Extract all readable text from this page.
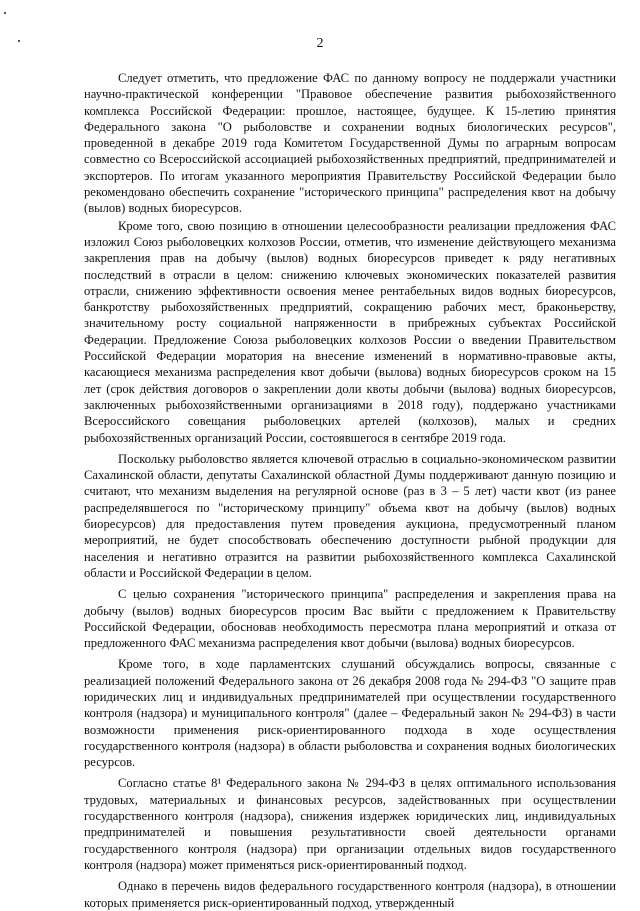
2

Следует отметить, что предложение ФАС по данному вопросу не поддержали участники научно-практической конференции "Правовое обеспечение развития рыбохозяйственного комплекса Российской Федерации: прошлое, настоящее, будущее. К 15-летию принятия Федерального закона "О рыболовстве и сохранении водных биологических ресурсов", проведенной в декабре 2019 года Комитетом Государственной Думы по аграрным вопросам совместно со Всероссийской ассоциацией рыбохозяйственных предприятий, предпринимателей и экспортеров. По итогам указанного мероприятия Правительству Российской Федерации было рекомендовано обеспечить сохранение "исторического принципа" распределения квот на добычу (вылов) водных биоресурсов.

Кроме того, свою позицию в отношении целесообразности реализации предложения ФАС изложил Союз рыболовецких колхозов России, отметив, что изменение действующего механизма закрепления прав на добычу (вылов) водных биоресурсов приведет к ряду негативных последствий в отрасли в целом: снижению ключевых экономических показателей развития отрасли, снижению эффективности освоения менее рентабельных видов водных биоресурсов, банкротству рыбохозяйственных предприятий, сокращению рабочих мест, браконьерству, значительному росту социальной напряженности в прибрежных субъектах Российской Федерации. Предложение Союза рыболовецких колхозов России о введении Правительством Российской Федерации моратория на внесение изменений в нормативно-правовые акты, касающиеся механизма распределения квот добычи (вылова) водных биоресурсов сроком на 15 лет (срок действия договоров о закреплении доли квоты добычи (вылова) водных биоресурсов, заключенных рыбохозяйственными организациями в 2018 году), поддержано участниками Всероссийского совещания рыболовецких артелей (колхозов), малых и средних рыбохозяйственных организаций России, состоявшегося в сентябре 2019 года.

Поскольку рыболовство является ключевой отраслью в социально-экономическом развитии Сахалинской области, депутаты Сахалинской областной Думы поддерживают данную позицию и считают, что механизм выделения на регулярной основе (раз в 3 – 5 лет) части квот (из ранее распределявшегося по "историческому принципу" объема квот на добычу (вылов) водных биоресурсов) для предоставления путем проведения аукциона, предусмотренный планом мероприятий, не будет способствовать обеспечению доступности рыбной продукции для населения и негативно отразится на развитии рыбохозяйственного комплекса Сахалинской области и Российской Федерации в целом.

С целью сохранения "исторического принципа" распределения и закрепления права на добычу (вылов) водных биоресурсов просим Вас выйти с предложением к Правительству Российской Федерации, обосновав необходимость пересмотра плана мероприятий и отказа от предложенного ФАС механизма распределения квот добычи (вылова) водных биоресурсов.

Кроме того, в ходе парламентских слушаний обсуждались вопросы, связанные с реализацией положений Федерального закона от 26 декабря 2008 года № 294-ФЗ "О защите прав юридических лиц и индивидуальных предпринимателей при осуществлении государственного контроля (надзора) и муниципального контроля" (далее – Федеральный закон № 294-ФЗ) в части возможности применения риск-ориентированного подхода в ходе осуществления государственного контроля (надзора) в области рыболовства и сохранения водных биологических ресурсов.

Согласно статье 8¹ Федерального закона № 294-ФЗ в целях оптимального использования трудовых, материальных и финансовых ресурсов, задействованных при осуществлении государственного контроля (надзора), снижения издержек юридических лиц, индивидуальных предпринимателей и повышения результативности своей деятельности органами государственного контроля (надзора) при организации отдельных видов государственного контроля (надзора) может применяться риск-ориентированный подход.

Однако в перечень видов федерального государственного контроля (надзора), в отношении которых применяется риск-ориентированный подход, утвержденный
